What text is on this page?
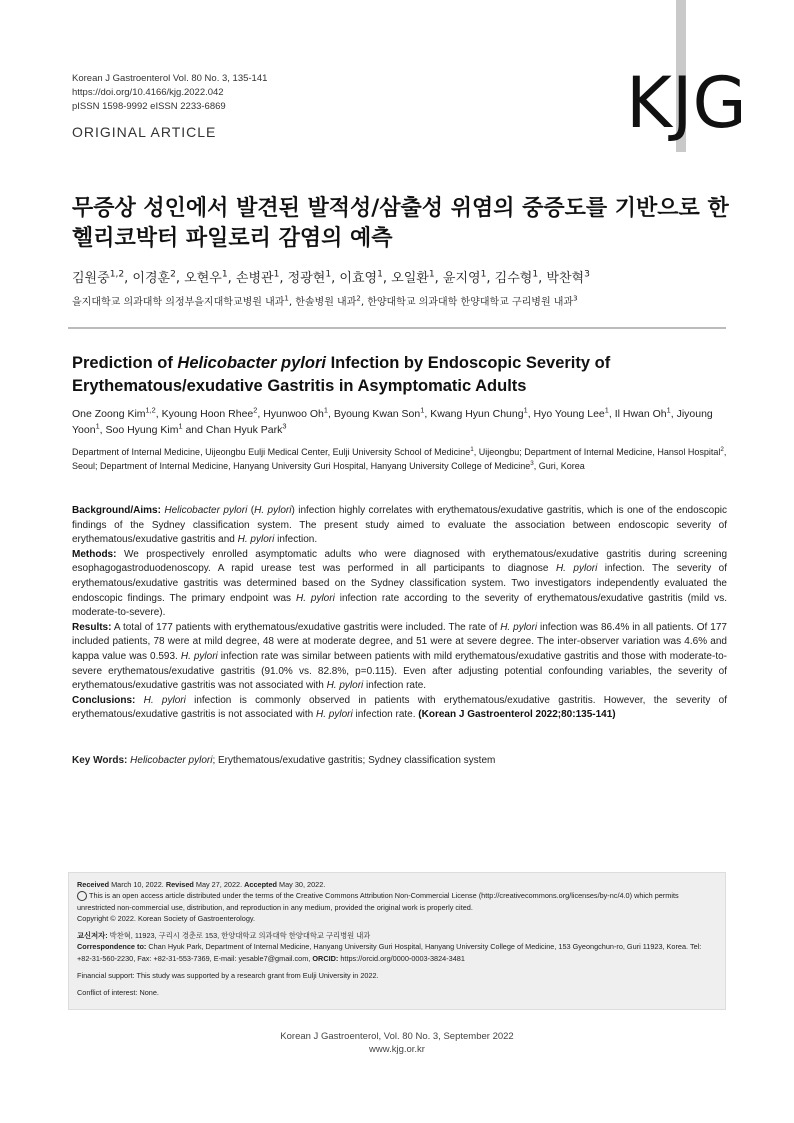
Korean J Gastroenterol Vol. 80 No. 3, 135-141
https://doi.org/10.4166/kjg.2022.042
pISSN 1598-9992 eISSN 2233-6869
ORIGINAL ARTICLE	KJG
무증상 성인에서 발견된 발적성/삼출성 위염의 중증도를 기반으로 한 헬리코박터 파일로리 감염의 예측
김원중$^{1,2}$, 이경훈$^2$, 오현우$^1$, 손병관$^1$, 정광현$^1$, 이효영$^1$, 오일환$^1$, 윤지영$^1$, 김수형$^1$, 박찬혁$^3$
을지대학교 의과대학 의정부을지대학교병원 내과$^1$, 한솔병원 내과$^2$, 한양대학교 의과대학 한양대학교 구리병원 내과$^3$
Prediction of Helicobacter pylori Infection by Endoscopic Severity of Erythematous/exudative Gastritis in Asymptomatic Adults
One Zoong Kim$^{1,2}$, Kyoung Hoon Rhee$^2$, Hyunwoo Oh$^1$, Byoung Kwan Son$^1$, Kwang Hyun Chung$^1$, Hyo Young Lee$^1$, Il Hwan Oh$^1$, Jiyoung Yoon$^1$, Soo Hyung Kim$^1$ and Chan Hyuk Park$^3$
Department of Internal Medicine, Uijeongbu Eulji Medical Center, Eulji University School of Medicine$^1$, Uijeongbu; Department of Internal Medicine, Hansol Hospital$^2$, Seoul; Department of Internal Medicine, Hanyang University Guri Hospital, Hanyang University College of Medicine$^3$, Guri, Korea

Background/Aims: Helicobacter pylori (H. pylori) infection highly correlates with erythematous/exudative gastritis, which is one of the endoscopic findings of the Sydney classification system. The present study aimed to evaluate the association between endoscopic severity of erythematous/exudative gastritis and H. pylori infection.

Methods: We prospectively enrolled asymptomatic adults who were diagnosed with erythematous/exudative gastritis during screening esophagogastroduodenoscopy. A rapid urease test was performed in all participants to diagnose H. pylori infection. The severity of erythematous/exudative gastritis was determined based on the Sydney classification system. Two investigators independently evaluated the endoscopic findings. The primary endpoint was H. pylori infection rate according to the severity of erythematous/exudative gastritis (mild vs. moderate-to-severe).

Results: A total of 177 patients with erythematous/exudative gastritis were included. The rate of H. pylori infection was 86.4% in all patients. Of 177 included patients, 78 were at mild degree, 48 were at moderate degree, and 51 were at severe degree. The inter-observer variation was 4.6% and kappa value was 0.593. H. pylori infection rate was similar between patients with mild erythematous/exudative gastritis and those with moderate-to-severe erythematous/exudative gastritis (91.0% vs. 82.8%, p=0.115). Even after adjusting potential confounding variables, the severity of erythematous/exudative gastritis was not associated with H. pylori infection rate.

Conclusions: H. pylori infection is commonly observed in patients with erythematous/exudative gastritis. However, the severity of erythematous/exudative gastritis is not associated with H. pylori infection rate. (Korean J Gastroenterol 2022;80:135-141)

Key Words: Helicobacter pylori; Erythematous/exudative gastritis; Sydney classification system

Received March 10, 2022. Revised May 27, 2022. Accepted May 30, 2022.

This is an open access article distributed under the terms of the Creative Commons Attribution Non-Commercial License (http://creativecommons.org/licenses/by-nc/4.0) which permits unrestricted non-commercial use, distribution, and reproduction in any medium, provided the original work is properly cited.

Copyright © 2022. Korean Society of Gastroenterology.

교신저자: 박찬혁, 11923, 구리시 경춘로 153, 한양대학교 의과대학 한양대학교 구리병원 내과

Correspondence to: Chan Hyuk Park, Department of Internal Medicine, Hanyang University Guri Hospital, Hanyang University College of Medicine, 153 Gyeongchun-ro, Guri 11923, Korea. Tel: +82-31-560-2230, Fax: +82-31-553-7369, E-mail: yesable7@gmail.com, ORCID: https://orcid.org/0000-0003-3824-3481

Financial support: This study was supported by a research grant from Eulji University in 2022.

Conflict of interest: None.

Korean J Gastroenterol, Vol. 80 No. 3, September 2022
www.kjg.or.kr
